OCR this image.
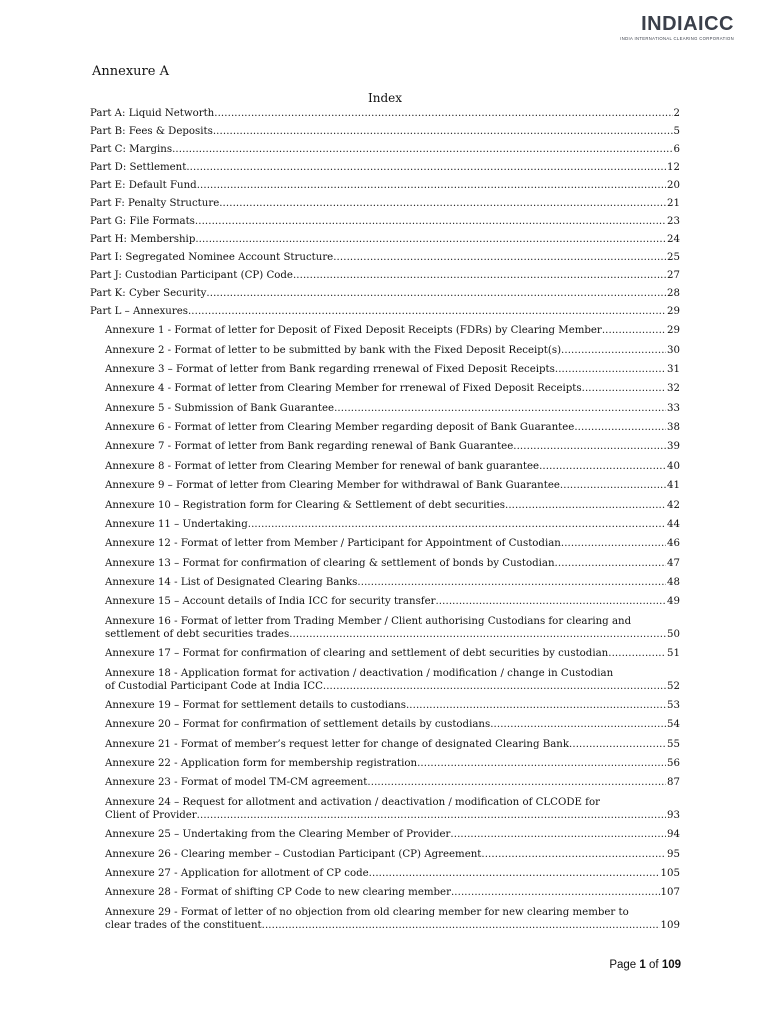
INDIAICC
INDIA INTERNATIONAL CLEARING CORPORATION
Annexure A
Index
Part A: Liquid Networth .....	2
Part B: Fees & Deposits .....	5
Part C: Margins .....	6
Part D: Settlement .....	12
Part E: Default Fund .....	20
Part F: Penalty Structure .....	21
Part G: File Formats .....	23
Part H: Membership .....	24
Part I: Segregated Nominee Account Structure .....	25
Part J: Custodian Participant (CP) Code .....	27
Part K: Cyber Security .....	28
Part L – Annexures .....	29
Annexure 1 - Format of letter for Deposit of Fixed Deposit Receipts (FDRs) by Clearing Member .....	29
Annexure 2 - Format of letter to be submitted by bank with the Fixed Deposit Receipt(s) .....	30
Annexure 3 – Format of letter from Bank regarding rrenewal of Fixed Deposit Receipts .....	31
Annexure 4 - Format of letter from Clearing Member for rrenewal of Fixed Deposit Receipts .....	32
Annexure 5 - Submission of Bank Guarantee .....	33
Annexure 6 - Format of letter from Clearing Member regarding deposit of Bank Guarantee .....	38
Annexure 7 - Format of letter from Bank regarding renewal of Bank Guarantee .....	39
Annexure 8 - Format of letter from Clearing Member for renewal of bank guarantee .....	40
Annexure 9 – Format of letter from Clearing Member for withdrawal of Bank Guarantee .....	41
Annexure 10 – Registration form for Clearing & Settlement of debt securities .....	42
Annexure 11 – Undertaking .....	44
Annexure 12 - Format of letter from Member / Participant for Appointment of Custodian .....	46
Annexure 13 – Format for confirmation of clearing & settlement of bonds by Custodian .....	47
Annexure 14 - List of Designated Clearing Banks .....	48
Annexure 15 – Account details of India ICC for security transfer .....	49
Annexure 16 - Format of letter from Trading Member / Client authorising Custodians for clearing and
settlement of debt securities trades .....	50
Annexure 17 – Format for confirmation of clearing and settlement of debt securities by custodian .....	51
Annexure 18 - Application format for activation / deactivation / modification / change in Custodian
of Custodial Participant Code at India ICC .....	52
Annexure 19 – Format for settlement details to custodians .....	53
Annexure 20 – Format for confirmation of settlement details by custodians .....	54
Annexure 21 - Format of member’s request letter for change of designated Clearing Bank .....	55
Annexure 22 - Application form for membership registration .....	56
Annexure 23 - Format of model TM-CM agreement .....	87
Annexure 24 – Request for allotment and activation / deactivation / modification of CLCODE for
Client of Provider .....	93
Annexure 25 – Undertaking from the Clearing Member of Provider .....	94
Annexure 26 - Clearing member – Custodian Participant (CP) Agreement .....	95
Annexure 27 - Application for allotment of CP code .....	105
Annexure 28 - Format of shifting CP Code to new clearing member .....	107
Annexure 29 - Format of letter of no objection from old clearing member for new clearing member to
clear trades of the constituent .....	109
Page 1 of 109
